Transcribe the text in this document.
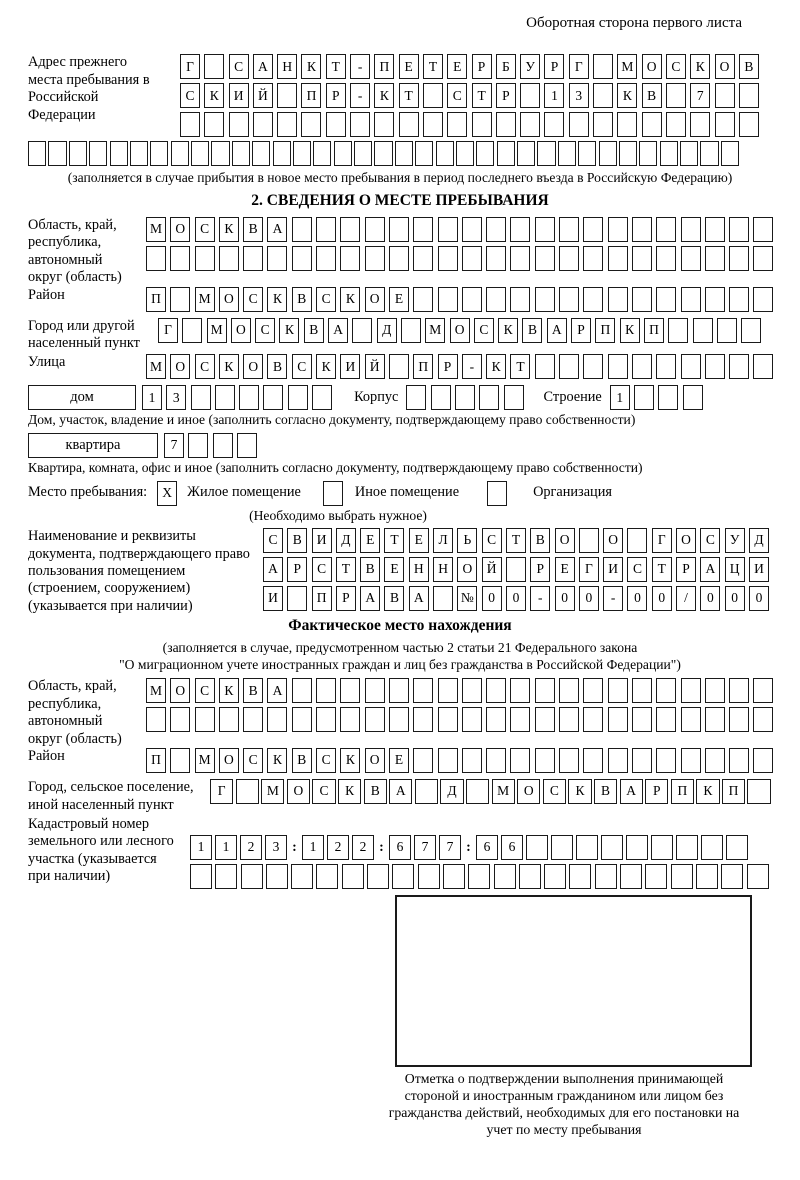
Оборотная сторона первого листа
Адрес прежнего места пребывания в Российской Федерации
Г	С	А	Н	К	Т	-	П	Е	Т	Е	Р	Б	У	Р	Г	М О	С	К	О	В
С	К	И	Й	П	Р	-	К	Т	С	Т	Р	1	3	К	В	7
(заполняется в случае прибытия в новое место пребывания в период последнего въезда в Российскую Федерацию)
2. СВЕДЕНИЯ О МЕСТЕ ПРЕБЫВАНИЯ
Область, край, республика, автономный округ (область)
М О	С	К	В	А
Район	П	М О	С	К	В	С	К	О	Е
Город или другой населенный пункт
Г	М О	С	К	В	А	Д	М О	С	К	В	А	Р	П	К	П
Улица	М О	С	К	О	В	С	К	И	Й	П	Р	-	К	Т
дом	1	3	Корпус	Строение	1
Дом, участок, владение и иное (заполнить согласно документу, подтверждающему право собственности)
квартира	7
Квартира, комната, офис и иное (заполнить согласно документу, подтверждающему право собственности)
Место пребывания:	X	Жилое помещение	Иное помещение	Организация
(Необходимо выбрать нужное)
Наименование и реквизиты документа, подтверждающего право пользования помещением (строением, сооружением) (указывается при наличии)
С	В	И	Д	Е	Т	Е	Л	Ь	С	Т	В	О	О	Г	О	С	У	Д
А	Р	С	Т	В	Е	Н	Н	О	Й	Р	Е	Г	И	С	Т	Р	А	Ц	И
И	П	Р	А	В	А	№	0	0	-	0	0	-	0	0	/	0	0	0
Фактическое место нахождения
(заполняется в случае, предусмотренном частью 2 статьи 21 Федерального закона
"О миграционном учете иностранных граждан и лиц без гражданства в Российской Федерации")
Область, край, республика, автономный округ (область)
М О	С	К	В	А
Район	П	М О	С	К	В	С	К	О	Е
Город, сельское поселение, иной населенный пункт
Г	М	О	С	К	В	А	Д	М	О	С	К	В	А	Р	П	К	П
Кадастровый номер земельного или лесного участка (указывается при наличии)
1	1	2	3 : 1	2	2 : 6	7	7 : 6	6
Отметка о подтверждении выполнения принимающей стороной и иностранным гражданином или лицом без гражданства действий, необходимых для его постановки на учет по месту пребывания
